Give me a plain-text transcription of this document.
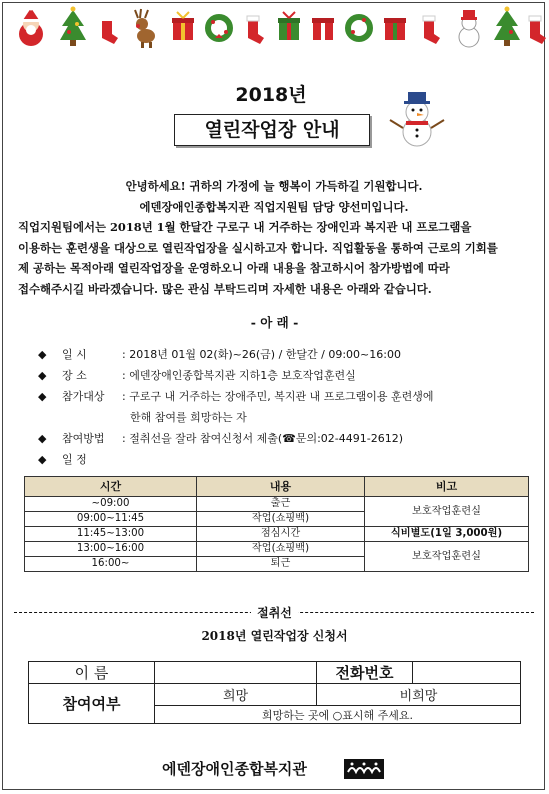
2018년
열린작업장 안내

안녕하세요! 귀하의 가정에 늘 행복이 가득하길 기원합니다.

에덴장애인종합복지관 직업지원팀 담당 양선미입니다.

직업지원팀에서는 2018년 1월 한달간 구로구 내 거주하는 장애인과 복지관 내 프로그램을

이용하는 훈련생을 대상으로 열린작업장을 실시하고자 합니다. 직업활동을 통하여 근로의 기회를

제 공하는 목적아래 열린작업장을 운영하오니 아래 내용을 참고하시어 참가방법에 따라

접수해주시길 바라겠습니다. 많은 관심 부탁드리며 자세한 내용은 아래와 같습니다.

- 아 래 -
◆	일 시	: 2018년 01월 02(화)~26(금) / 한달간 / 09:00~16:00
◆	장 소	: 에덴장애인종합복지관 지하1층 보호작업훈련실
◆	참가대상	: 구로구 내 거주하는 장애주민, 복지관 내 프로그램이용 훈련생에
한해 참여를 희망하는 자
◆	참여방법	: 절취선을 잘라 참여신청서 제출(☎문의:02-4491-2612)
◆	일 정
시간	내용	비고
~09:00	출근	보호작업훈련실
09:00~11:45	작업(쇼핑백)	
11:45~13:00	점심시간	식비별도(1일 3,000원)
13:00~16:00	작업(쇼핑백)	보호작업훈련실
16:00~	퇴근	
절취선
2018년 열린작업장 신청서
이 름		전화번호	
참여여부	희망	비희망	
	희망하는 곳에 ○표시해 주세요.		
에덴장애인종합복지관
